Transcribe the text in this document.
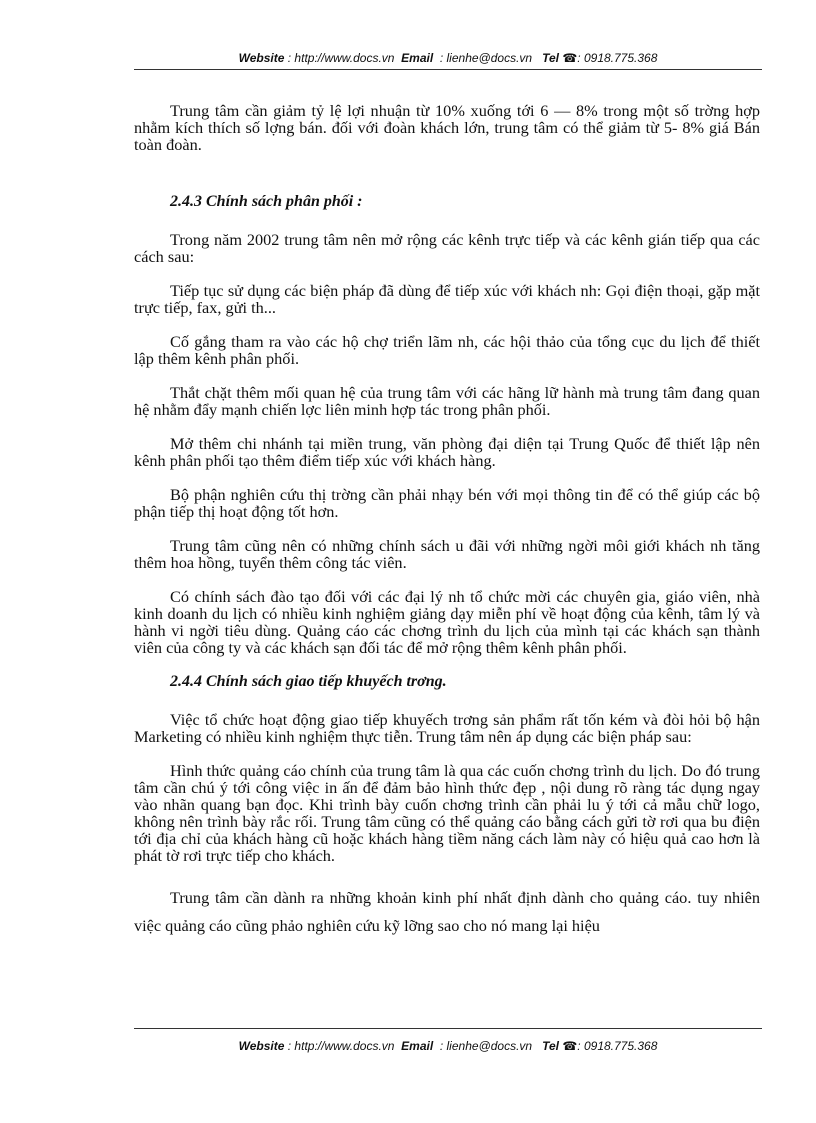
Website : http://www.docs.vn Email : lienhe@docs.vn Tel ☎: 0918.775.368

Trung tâm cần giảm tỷ lệ lợi nhuận từ 10% xuống tới 6 — 8% trong một số trờng hợp nhằm kích thích số lợng bán. đối với đoàn khách lớn, trung tâm có thể giảm từ 5- 8% giá Bán toàn đoàn.

2.4.3 Chính sách phân phối :

Trong năm 2002 trung tâm nên mở rộng các kênh trực tiếp và các kênh gián tiếp qua các cách sau:

Tiếp tục sử dụng các biện pháp đã dùng để tiếp xúc với khách nh: Gọi điện thoại, gặp mặt trực tiếp, fax, gửi th...

Cố gắng tham ra vào các hộ chợ triển lãm nh, các hội thảo của tổng cục du lịch để thiết lập thêm kênh phân phối.

Thắt chặt thêm mối quan hệ của trung tâm với các hãng lữ hành mà trung tâm đang quan hệ nhằm đẩy mạnh chiến lợc liên minh hợp tác trong phân phối.

Mở thêm chi nhánh tại miền trung, văn phòng đại diện tại Trung Quốc để thiết lập nên kênh phân phối tạo thêm điểm tiếp xúc với khách hàng.

Bộ phận nghiên cứu thị trờng cần phải nhạy bén với mọi thông tin để có thể giúp các bộ phận tiếp thị hoạt động tốt hơn.

Trung tâm cũng nên có những chính sách u đãi với những ngời môi giới khách nh tăng thêm hoa hồng, tuyển thêm công tác viên.

Có chính sách đào tạo đối với các đại lý nh tổ chức mời các chuyên gia, giáo viên, nhà kinh doanh du lịch có nhiều kinh nghiệm giảng dạy miễn phí về hoạt động của kênh, tâm lý và hành vi ngời tiêu dùng. Quảng cáo các chơng trình du lịch của mình tại các khách sạn thành viên của công ty và các khách sạn đối tác để mở rộng thêm kênh phân phối.

2.4.4 Chính sách giao tiếp khuyếch trơng.

Việc tổ chức hoạt động giao tiếp khuyếch trơng sản phẩm rất tốn kém và đòi hỏi bộ hận Marketing có nhiều kinh nghiệm thực tiễn. Trung tâm nên áp dụng các biện pháp sau:

Hình thức quảng cáo chính của trung tâm là qua các cuốn chơng trình du lịch. Do đó trung tâm cần chú ý tới công việc in ấn để đảm bảo hình thức đẹp , nội dung rõ ràng tác dụng ngay vào nhãn quang bạn đọc. Khi trình bày cuốn chơng trình cần phải lu ý tới cả mẫu chữ logo, không nên trình bày rắc rối. Trung tâm cũng có thể quảng cáo bằng cách gửi tờ rơi qua bu điện tới địa chỉ của khách hàng cũ hoặc khách hàng tiềm năng cách làm này có hiệu quả cao hơn là phát tờ rơi trực tiếp cho khách.

Trung tâm cần dành ra những khoản kinh phí nhất định dành cho quảng cáo. tuy nhiên việc quảng cáo cũng phảo nghiên cứu kỹ lỡng sao cho nó mang lại hiệu

Website : http://www.docs.vn Email : lienhe@docs.vn Tel ☎: 0918.775.368
